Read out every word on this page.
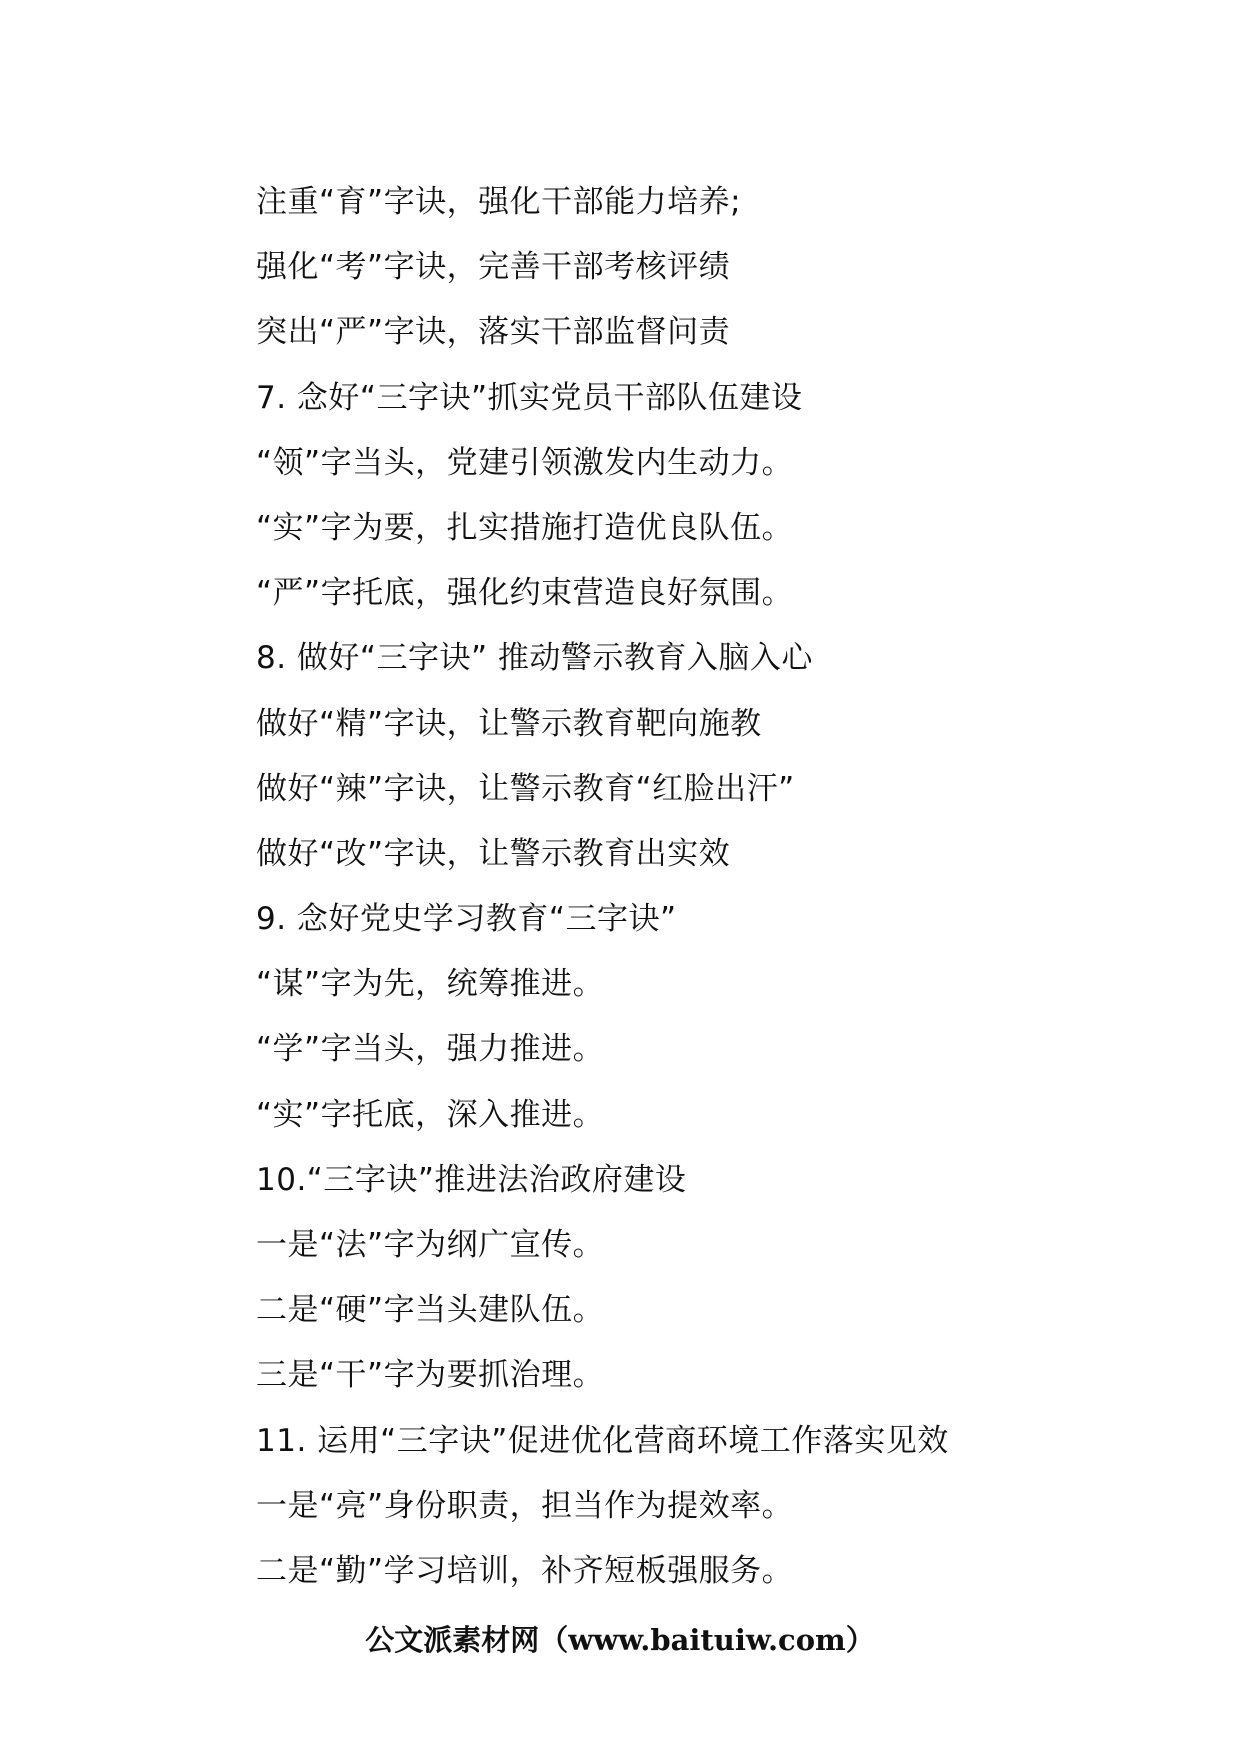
注重“育”字诀，强化干部能力培养;
强化“考”字诀，完善干部考核评绩
突出“严”字诀，落实干部监督问责
7. 念好“三字诀”抓实党员干部队伍建设
“领”字当头，党建引领激发内生动力。
“实”字为要，扎实措施打造优良队伍。
“严”字托底，强化约束营造良好氛围。
8. 做好“三字诀” 推动警示教育入脑入心
做好“精”字诀，让警示教育靶向施教
做好“辣”字诀，让警示教育“红脸出汗”
做好“改”字诀，让警示教育出实效
9. 念好党史学习教育“三字诀”
“谋”字为先，统筹推进。
“学”字当头，强力推进。
“实”字托底，深入推进。
10.“三字诀”推进法治政府建设
一是“法”字为纲广宣传。
二是“硬”字当头建队伍。
三是“干”字为要抓治理。
11. 运用“三字诀”促进优化营商环境工作落实见效
一是“亮”身份职责，担当作为提效率。
二是“勤”学习培训，补齐短板强服务。
公文派素材网（www.baituiw.com）
